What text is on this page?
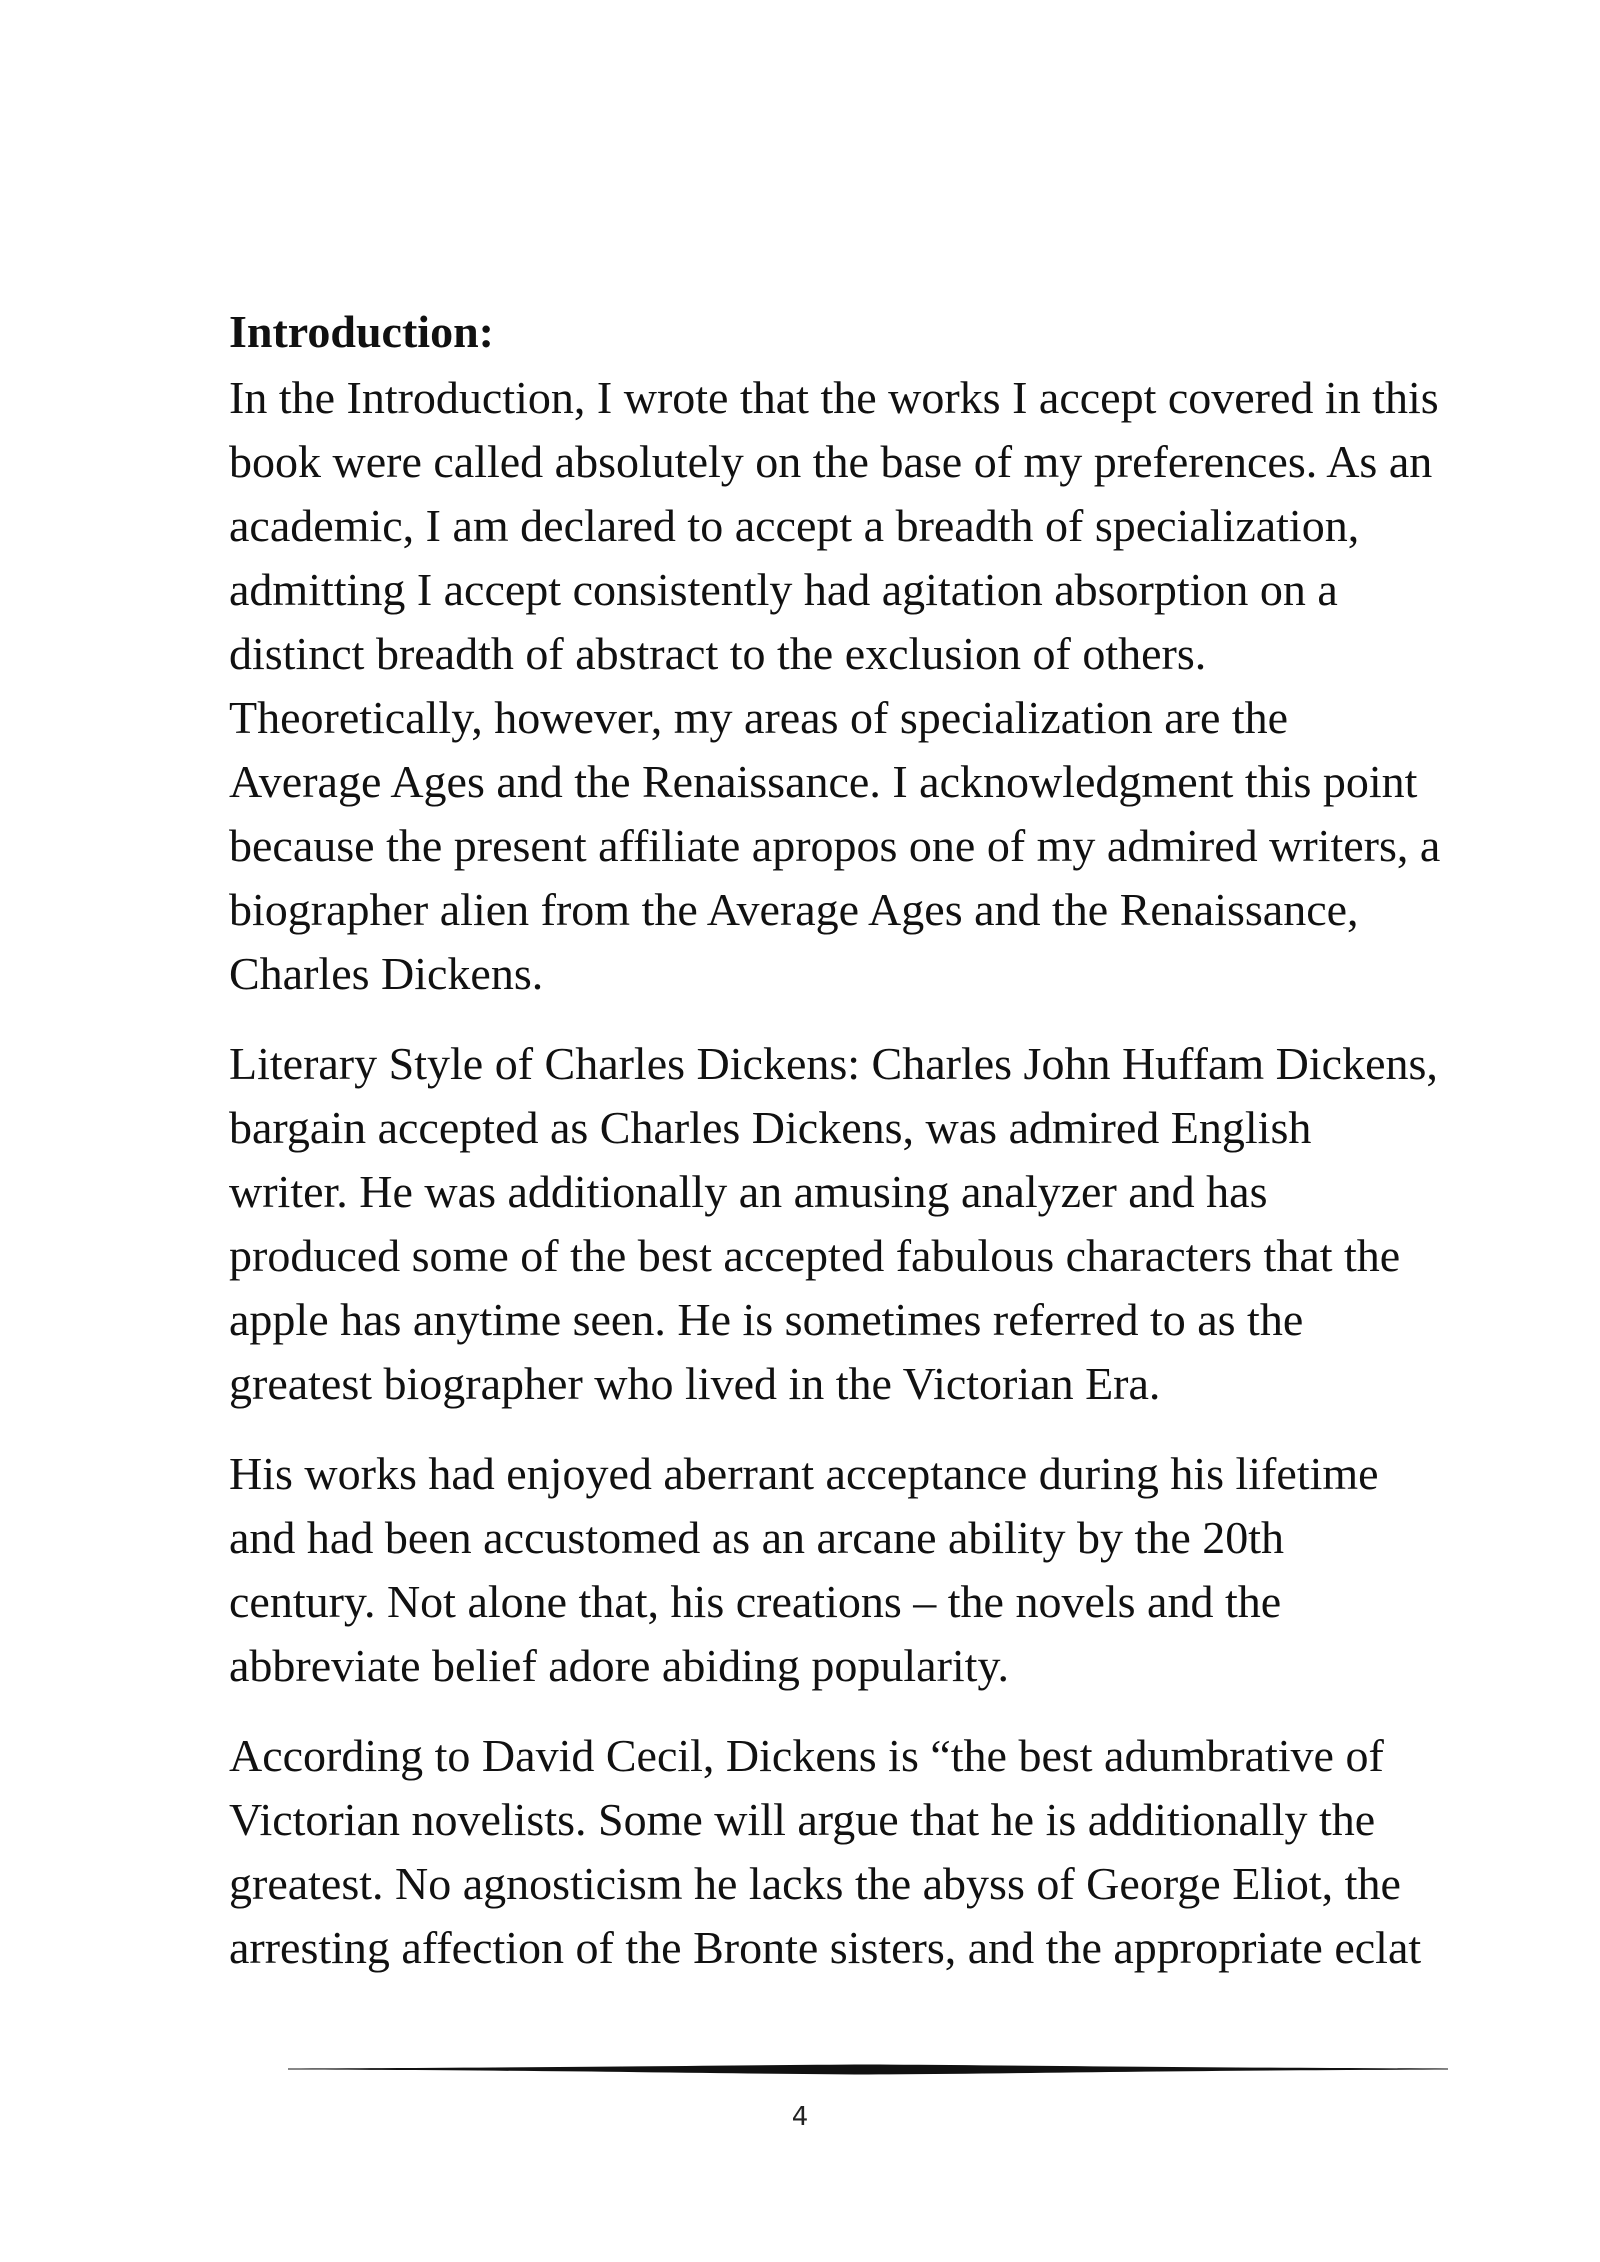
Introduction:

In the Introduction, I wrote that the works I accept covered in this
book were called absolutely on the base of my preferences. As an
academic, I am declared to accept a breadth of specialization,
admitting I accept consistently had agitation absorption on a
distinct breadth of abstract to the exclusion of others.
Theoretically, however, my areas of specialization are the
Average Ages and the Renaissance. I acknowledgment this point
because the present affiliate apropos one of my admired writers, a
biographer alien from the Average Ages and the Renaissance,
Charles Dickens.

Literary Style of Charles Dickens: Charles John Huffam Dickens,
bargain accepted as Charles Dickens, was admired English
writer. He was additionally an amusing analyzer and has
produced some of the best accepted fabulous characters that the
apple has anytime seen. He is sometimes referred to as the
greatest biographer who lived in the Victorian Era.

His works had enjoyed aberrant acceptance during his lifetime
and had been accustomed as an arcane ability by the 20th
century. Not alone that, his creations – the novels and the
abbreviate belief adore abiding popularity.

According to David Cecil, Dickens is “the best adumbrative of
Victorian novelists. Some will argue that he is additionally the
greatest. No agnosticism he lacks the abyss of George Eliot, the
arresting affection of the Bronte sisters, and the appropriate eclat

4
